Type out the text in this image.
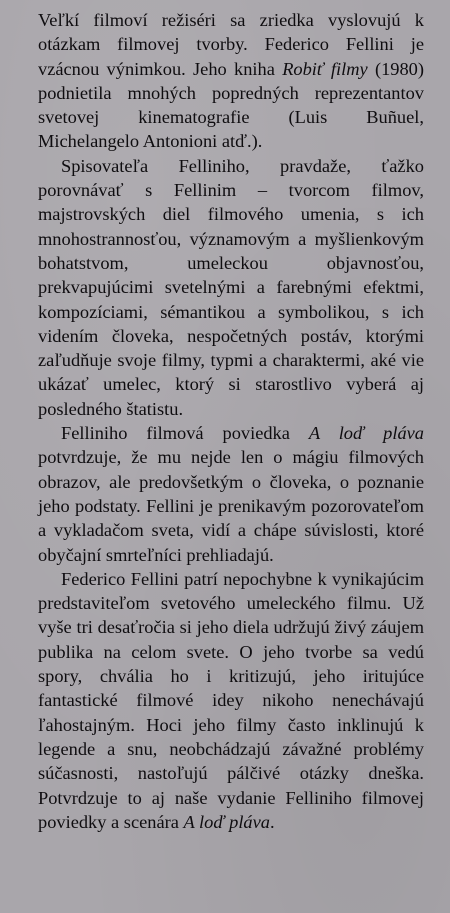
Veľkí filmoví režiséri sa zriedka vyslovujú k otázkam filmovej tvorby. Federico Fellini je vzácnou výnimkou. Jeho kniha Robiť filmy (1980) podnietila mnohých popredných reprezentantov svetovej kinematografie (Luis Buñuel, Michelangelo Antonioni atď.).

Spisovateľa Felliniho, pravdaže, ťažko porovnávať s Fellinim – tvorcom filmov, majstrovských diel filmového umenia, s ich mnohostrannosťou, významovým a myšlienkovým bohatstvom, umeleckou objavnosťou, prekvapujúcimi svetelnými a farebnými efektmi, kompozíciami, sémantikou a symbolikou, s ich videním človeka, nespočetných postáv, ktorými zaľudňuje svoje filmy, typmi a charaktermi, aké vie ukázať umelec, ktorý si starostlivo vyberá aj posledného štatistu.

Felliniho filmová poviedka A loď pláva potvrdzuje, že mu nejde len o mágiu filmových obrazov, ale predovšetkým o človeka, o poznanie jeho podstaty. Fellini je prenikavým pozorovateľom a vykladačom sveta, vidí a chápe súvislosti, ktoré obyčajní smrteľníci prehliadajú.

Federico Fellini patrí nepochybne k vynikajúcim predstaviteľom svetového umeleckého filmu. Už vyše tri desaťročia si jeho diela udržujú živý záujem publika na celom svete. O jeho tvorbe sa vedú spory, chvália ho i kritizujú, jeho iritujúce fantastické filmové idey nikoho nenechávajú ľahostajným. Hoci jeho filmy často inklinujú k legende a snu, neobchádzajú závažné problémy súčasnosti, nastoľujú pálčivé otázky dneška. Potvrdzuje to aj naše vydanie Felliniho filmovej poviedky a scenára A loď pláva.
